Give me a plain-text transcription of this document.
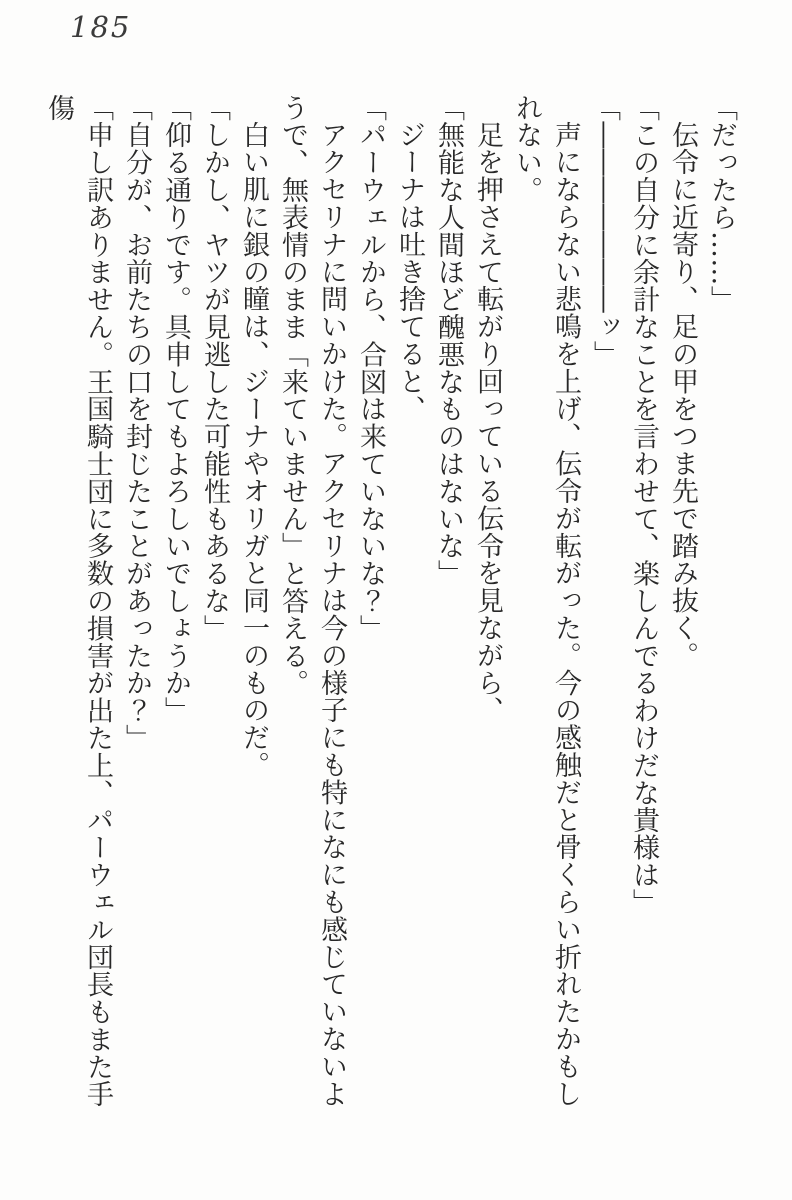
185

「だったら……」

伝令に近寄り、足の甲をつま先で踏み抜く。

「この自分に余計なことを言わせて、楽しんでるわけだな貴様は」

「―――――――ッ」

声にならない悲鳴を上げ、伝令が転がった。今の感触だと骨くらい折れたかもしれない。

足を押さえて転がり回っている伝令を見ながら、

「無能な人間ほど醜悪なものはないな」

ジーナは吐き捨てると、

「パーウェルから、合図は来ていないな？」

アクセリナに問いかけた。アクセリナは今の様子にも特になにも感じていないようで、無表情のまま「来ていません」と答える。

白い肌に銀の瞳は、ジーナやオリガと同一のものだ。

「しかし、ヤツが見逃した可能性もあるな」

「仰る通りです。具申してもよろしいでしょうか」

「自分が、お前たちの口を封じたことがあったか？」

「申し訳ありません。王国騎士団に多数の損害が出た上、パーウェル団長もまた手傷
